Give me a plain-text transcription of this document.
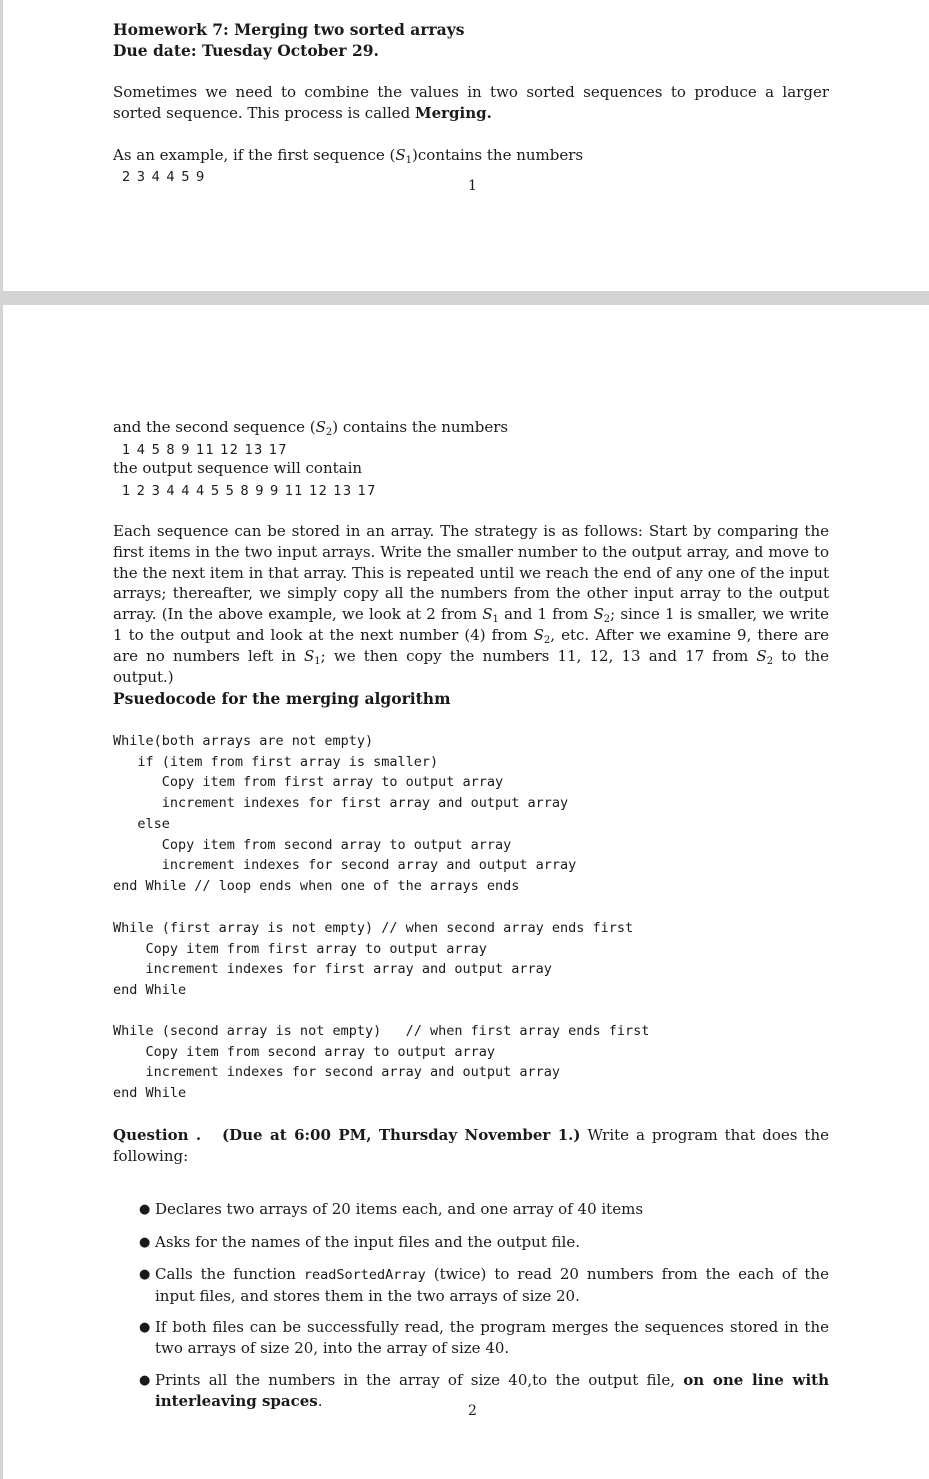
Homework 7: Merging two sorted arrays
Due date: Tuesday October 29.
Sometimes we need to combine the values in two sorted sequences to produce a larger sorted sequence. This process is called Merging.
As an example, if the first sequence $(S_1)contains$ the numbers
2 3 4 4 5 9
1
and the second sequence $(S_2)$ contains the numbers
1 4 5 8 9 11 12 13 17
the output sequence will contain
1 2 3 4 4 4 5 5 8 9 9 11 12 13 17
Each sequence can be stored in an array. The strategy is as follows: Start by comparing the first items in the two input arrays. Write the smaller number to the output array, and move to the the next item in that array. This is repeated until we reach the end of any one of the input arrays; thereafter, we simply copy all the numbers from the other input array to the output array. (In the above example, we look at 2 from $S_1$ and 1 from $S_2$; since 1 is smaller, we write 1 to the output and look at the next number (4) from $S_2$, etc. After we examine 9, there are are no numbers left in $S_1$; we then copy the numbers 11, 12, 13 and 17 from $S_2$ to the output.)
Psuedocode for the merging algorithm
While(both arrays are not empty)
if (item from first array is smaller)
Copy item from first array to output array
increment indexes for first array and output array
else
Copy item from second array to output array
increment indexes for second array and output array
end While // loop ends when one of the arrays ends
While (first array is not empty) // when second array ends first
Copy item from first array to output array
increment indexes for first array and output array
end While
While (second array is not empty)   // when first array ends first
Copy item from second array to output array
increment indexes for second array and output array
end While
Question . (Due at 6:00 PM, Thursday November 1.) Write a program that does the following:
● Declares two arrays of 20 items each, and one array of 40 items
● Asks for the names of the input files and the output file.
● Calls the function readSortedArray (twice) to read 20 numbers from the each of the input files, and stores them in the two arrays of size 20.
● If both files can be successfully read, the program merges the sequences stored in the two arrays of size 20, into the array of size 40.
● Prints all the numbers in the array of size 40,to the output file, on one line with interleaving spaces.
2
